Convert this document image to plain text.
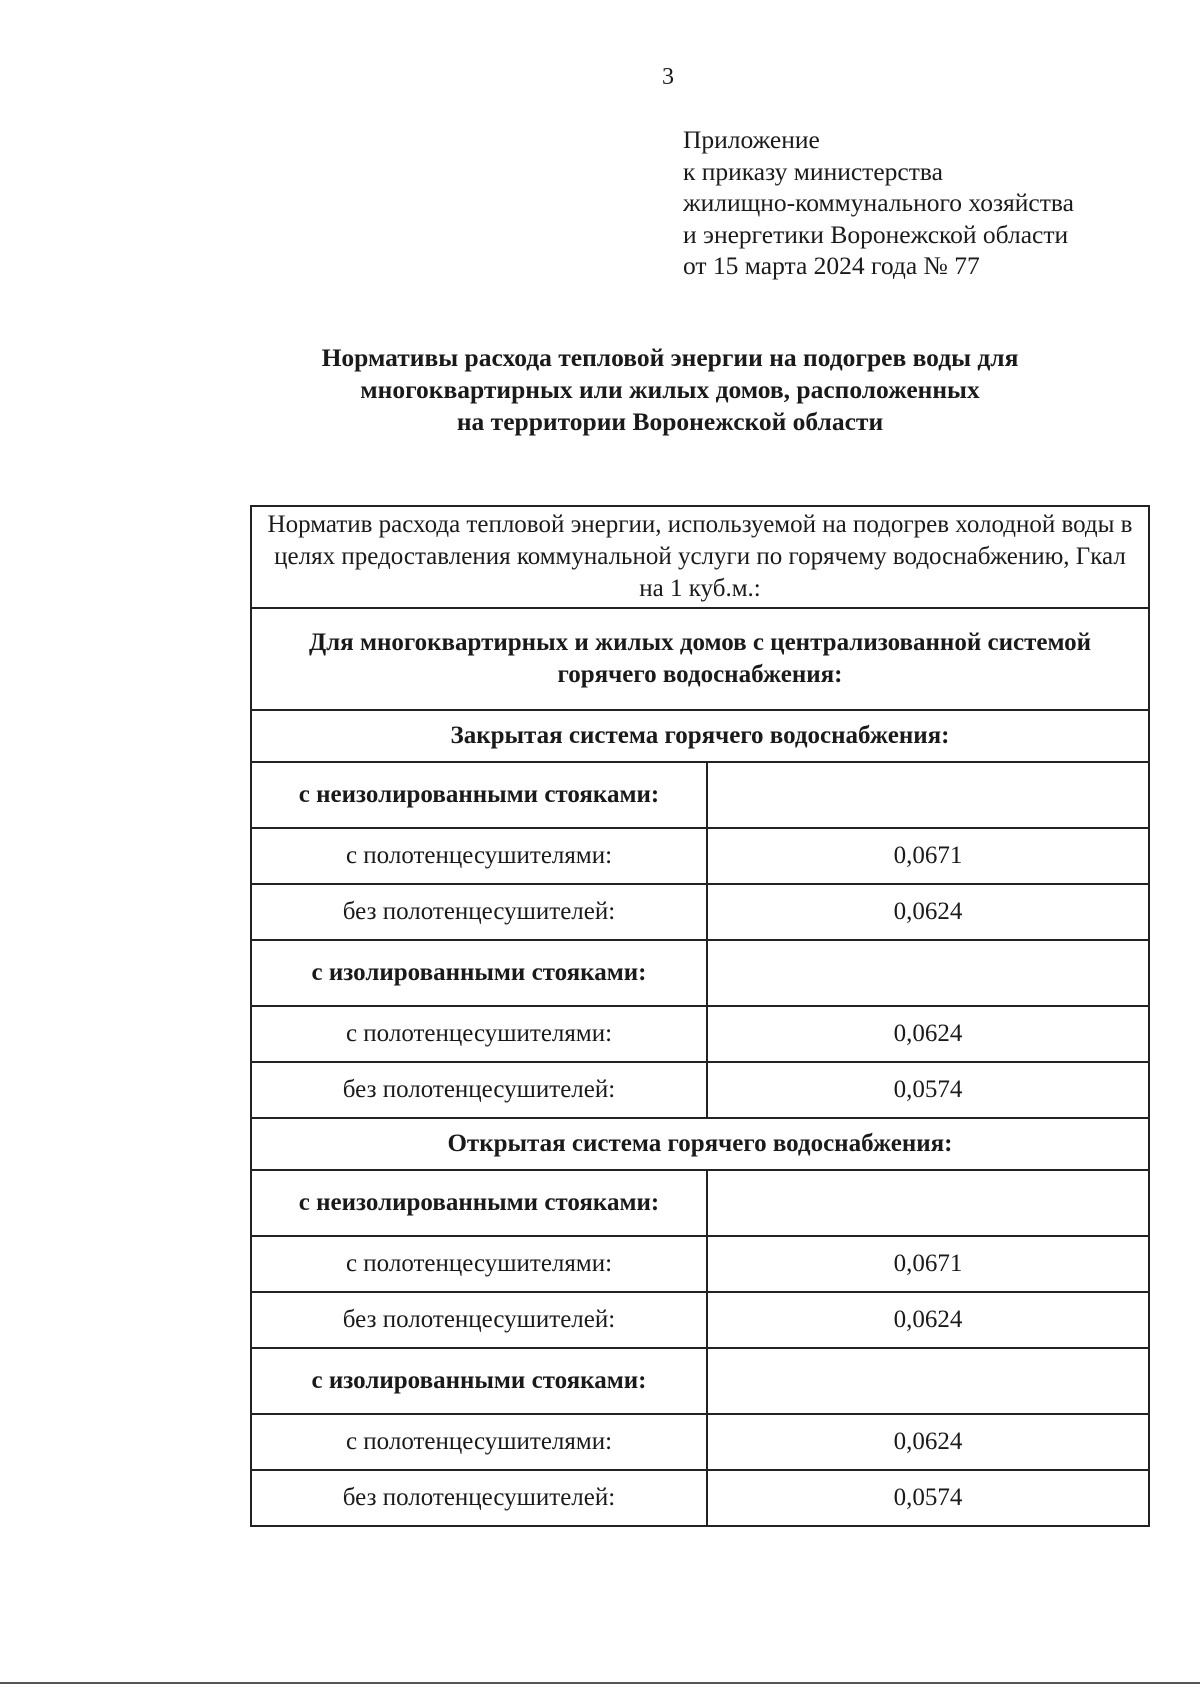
3
Приложение
к приказу министерства
жилищно-коммунального хозяйства
и энергетики Воронежской области
от 15 марта 2024 года № 77
Нормативы расхода тепловой энергии на подогрев воды для
многоквартирных или жилых домов, расположенных
на территории Воронежской области
Норматив расхода тепловой энергии, используемой на подогрев холодной воды в целях предоставления коммунальной услуги по горячему водоснабжению, Гкал на 1 куб.м.:	
Для многоквартирных и жилых домов с централизованной системой горячего водоснабжения:	
Закрытая система горячего водоснабжения:	
с неизолированными стояками:	
с полотенцесушителями:	0,0671
без полотенцесушителей:	0,0624
с изолированными стояками:	
с полотенцесушителями:	0,0624
без полотенцесушителей:	0,0574
Открытая система горячего водоснабжения:	
с неизолированными стояками:	
с полотенцесушителями:	0,0671
без полотенцесушителей:	0,0624
с изолированными стояками:	
с полотенцесушителями:	0,0624
без полотенцесушителей:	0,0574
